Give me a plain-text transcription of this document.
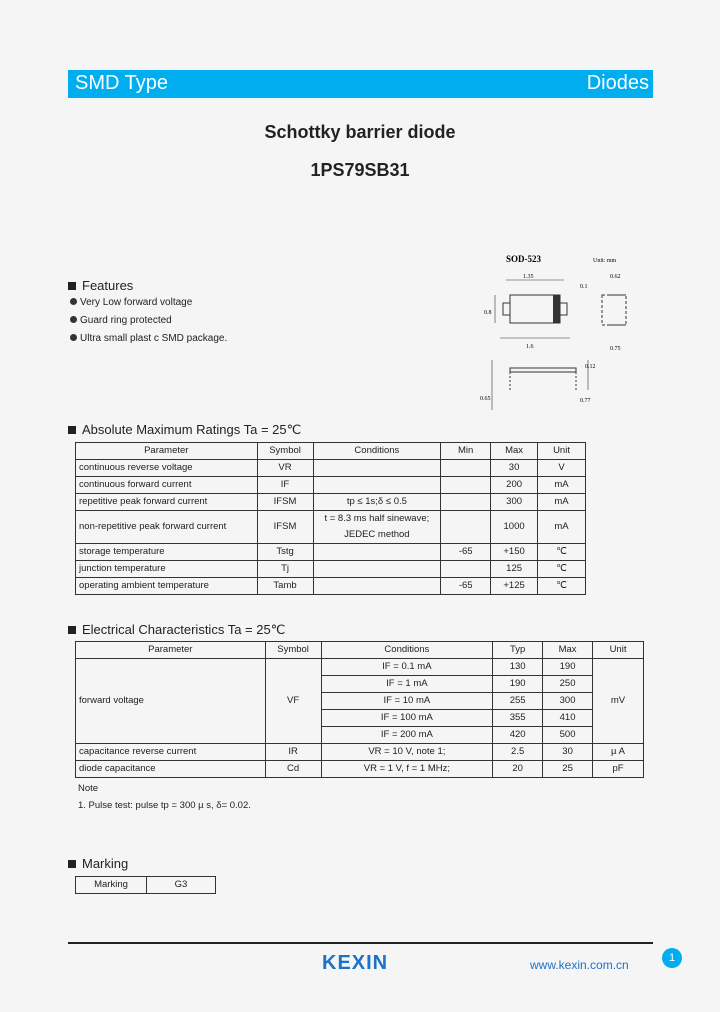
SMD Type	Diodes
Schottky barrier diode
1PS79SB31
SOD-523	Unit: mm
1.35
0.8
1.6
0.62
0.1
0.75
0.65	0.77
0.12
Features
Very Low forward voltage
Guard ring protected
Ultra small plast c SMD package.
Absolute Maximum Ratings Ta = 25℃
Parameter	Symbol	Conditions	Min	Max	Unit
continuous reverse voltage	VR			30	V
continuous forward current	IF			200	mA
repetitive peak forward current	IFSM	tp ≤ 1s;δ ≤ 0.5		300	mA
non-repetitive peak forward current	IFSM	t = 8.3 ms half sinewave;		1000	mA
		JEDEC method			
storage temperature	Tstg		-65	+150	℃
junction temperature	Tj			125	℃
operating ambient temperature	Tamb		-65	+125	℃
Electrical Characteristics Ta = 25℃
Parameter	Symbol	Conditions	Typ	Max	Unit
forward voltage	VF	IF = 0.1 mA	130	190	mV
		IF = 1 mA	190	250	
		IF = 10 mA	255	300	
		IF = 100 mA	355	410	
		IF = 200 mA	420	500	
capacitance reverse current	IR	VR = 10 V, note 1;	2.5	30	µ A
diode capacitance	Cd	VR = 1 V, f = 1 MHz;	20	25	pF
Note
1. Pulse test: pulse tp = 300 µ s, δ= 0.02.
Marking
Marking	G3
KEXIN	www.kexin.com.cn	1
